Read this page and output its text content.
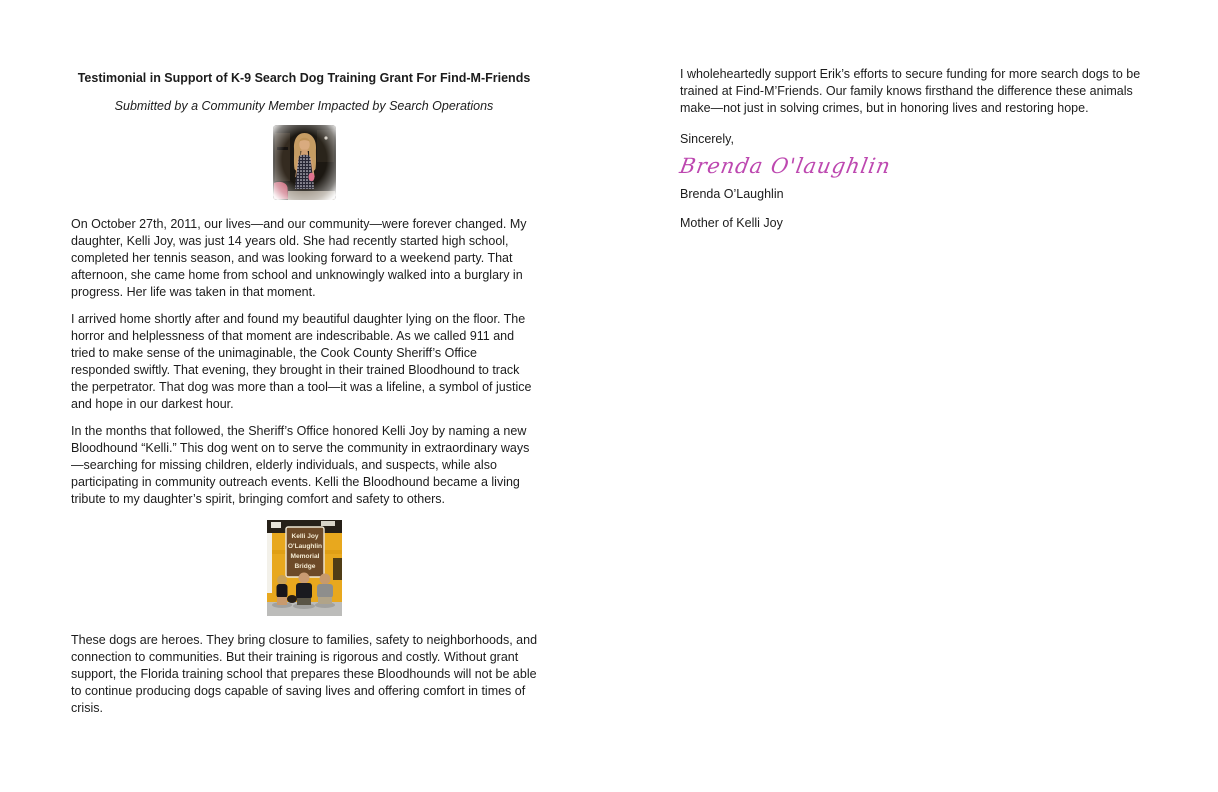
Testimonial in Support of K-9 Search Dog Training Grant For Find-M-Friends
Submitted by a Community Member Impacted by Search Operations

On October 27th, 2011, our lives—and our community—were forever changed. My daughter, Kelli Joy, was just 14 years old. She had recently started high school, completed her tennis season, and was looking forward to a weekend party. That afternoon, she came home from school and unknowingly walked into a burglary in progress. Her life was taken in that moment.

I arrived home shortly after and found my beautiful daughter lying on the floor. The horror and helplessness of that moment are indescribable. As we called 911 and tried to make sense of the unimaginable, the Cook County Sheriff’s Office responded swiftly. That evening, they brought in their trained Bloodhound to track the perpetrator. That dog was more than a tool—it was a lifeline, a symbol of justice and hope in our darkest hour.

In the months that followed, the Sheriff’s Office honored Kelli Joy by naming a new Bloodhound “Kelli.” This dog went on to serve the community in extraordinary ways—searching for missing children, elderly individuals, and suspects, while also participating in community outreach events. Kelli the Bloodhound became a living tribute to my daughter’s spirit, bringing comfort and safety to others.

Kelli Joy
O'Laughlin
Memorial
Bridge

These dogs are heroes. They bring closure to families, safety to neighborhoods, and connection to communities. But their training is rigorous and costly. Without grant support, the Florida training school that prepares these Bloodhounds will not be able to continue producing dogs capable of saving lives and offering comfort in times of crisis.

I wholeheartedly support Erik’s efforts to secure funding for more search dogs to be trained at Find-M’Friends. Our family knows firsthand the difference these animals make—not just in solving crimes, but in honoring lives and restoring hope.

Sincerely,

Brenda O'laughlin

Brenda O’Laughlin

Mother of Kelli Joy
